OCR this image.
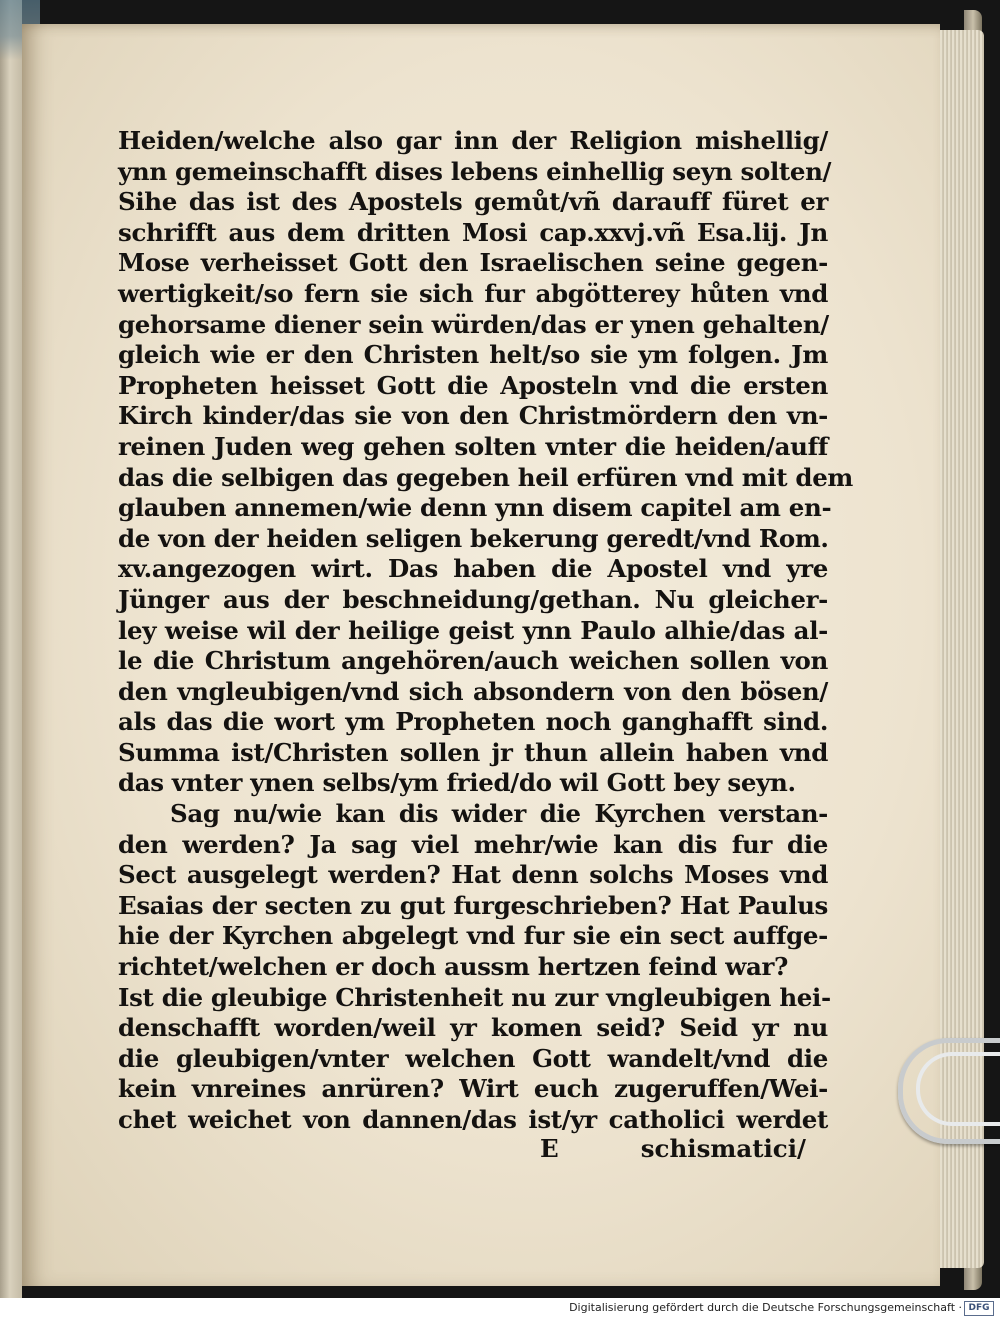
Heiden/welche also gar inn der Religion mishellig/
ynn gemeinschafft dises lebens einhellig seyn solten/
Sihe das ist des Apostels gemůt/vñ darauff füret er
schrifft aus dem dritten Mosi cap.xxvj.vñ Esa.lij. Jn
Mose verheisset Gott den Israelischen seine gegen-
wertigkeit/so fern sie sich fur abgötterey hůten vnd
gehorsame diener sein würden/das er ynen gehalten/
gleich wie er den Christen helt/so sie ym folgen. Jm
Propheten heisset Gott die Aposteln vnd die ersten
Kirch kinder/das sie von den Christmördern den vn-
reinen Juden weg gehen solten vnter die heiden/auff
das die selbigen das gegeben heil erfüren vnd mit dem
glauben annemen/wie denn ynn disem capitel am en-
de von der heiden seligen bekerung geredt/vnd Rom.
xv.angezogen wirt. Das haben die Apostel vnd yre
Jünger aus der beschneidung/gethan. Nu gleicher-
ley weise wil der heilige geist ynn Paulo alhie/das al-
le die Christum angehören/auch weichen sollen von
den vngleubigen/vnd sich absondern von den bösen/
als das die wort ym Propheten noch ganghafft sind.
Summa ist/Christen sollen jr thun allein haben vnd
das vnter ynen selbs/ym fried/do wil Gott bey seyn.
Sag nu/wie kan dis wider die Kyrchen verstan-
den werden? Ja sag viel mehr/wie kan dis fur die
Sect ausgelegt werden? Hat denn solchs Moses vnd
Esaias der secten zu gut furgeschrieben? Hat Paulus
hie der Kyrchen abgelegt vnd fur sie ein sect auffge-
richtet/welchen er doch aussm hertzen feind war?
Ist die gleubige Christenheit nu zur vngleubigen hei-
denschafft worden/weil yr komen seid? Seid yr nu
die gleubigen/vnter welchen Gott wandelt/vnd die
kein vnreines anrüren? Wirt euch zugeruffen/Wei-
chet weichet von dannen/das ist/yr catholici werdet
E	schismatici/
Digitalisierung gefördert durch die Deutsche Forschungsgemeinschaft · DFG
